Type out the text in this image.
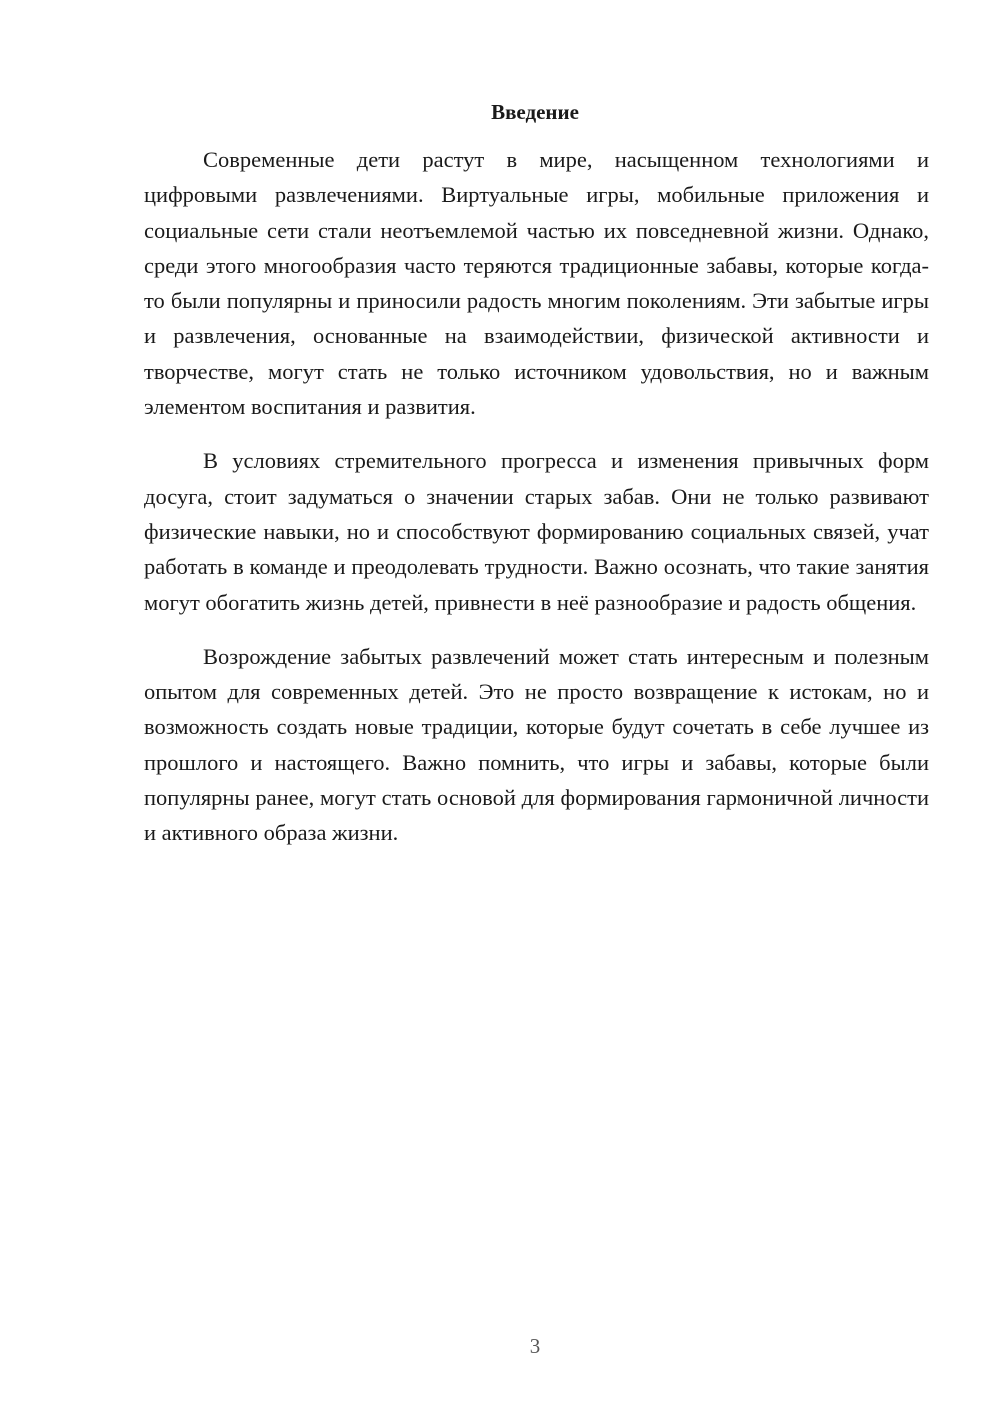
Введение

Современные дети растут в мире, насыщенном технологиями и цифровыми развлечениями. Виртуальные игры, мобильные приложения и социальные сети стали неотъемлемой частью их повседневной жизни. Однако, среди этого многообразия часто теряются традиционные забавы, которые когда-то были популярны и приносили радость многим поколениям. Эти забытые игры и развлечения, основанные на взаимодействии, физической активности и творчестве, могут стать не только источником удовольствия, но и важным элементом воспитания и развития.

В условиях стремительного прогресса и изменения привычных форм досуга, стоит задуматься о значении старых забав. Они не только развивают физические навыки, но и способствуют формированию социальных связей, учат работать в команде и преодолевать трудности. Важно осознать, что такие занятия могут обогатить жизнь детей, привнести в неё разнообразие и радость общения.

Возрождение забытых развлечений может стать интересным и полезным опытом для современных детей. Это не просто возвращение к истокам, но и возможность создать новые традиции, которые будут сочетать в себе лучшее из прошлого и настоящего. Важно помнить, что игры и забавы, которые были популярны ранее, могут стать основой для формирования гармоничной личности и активного образа жизни.

3
